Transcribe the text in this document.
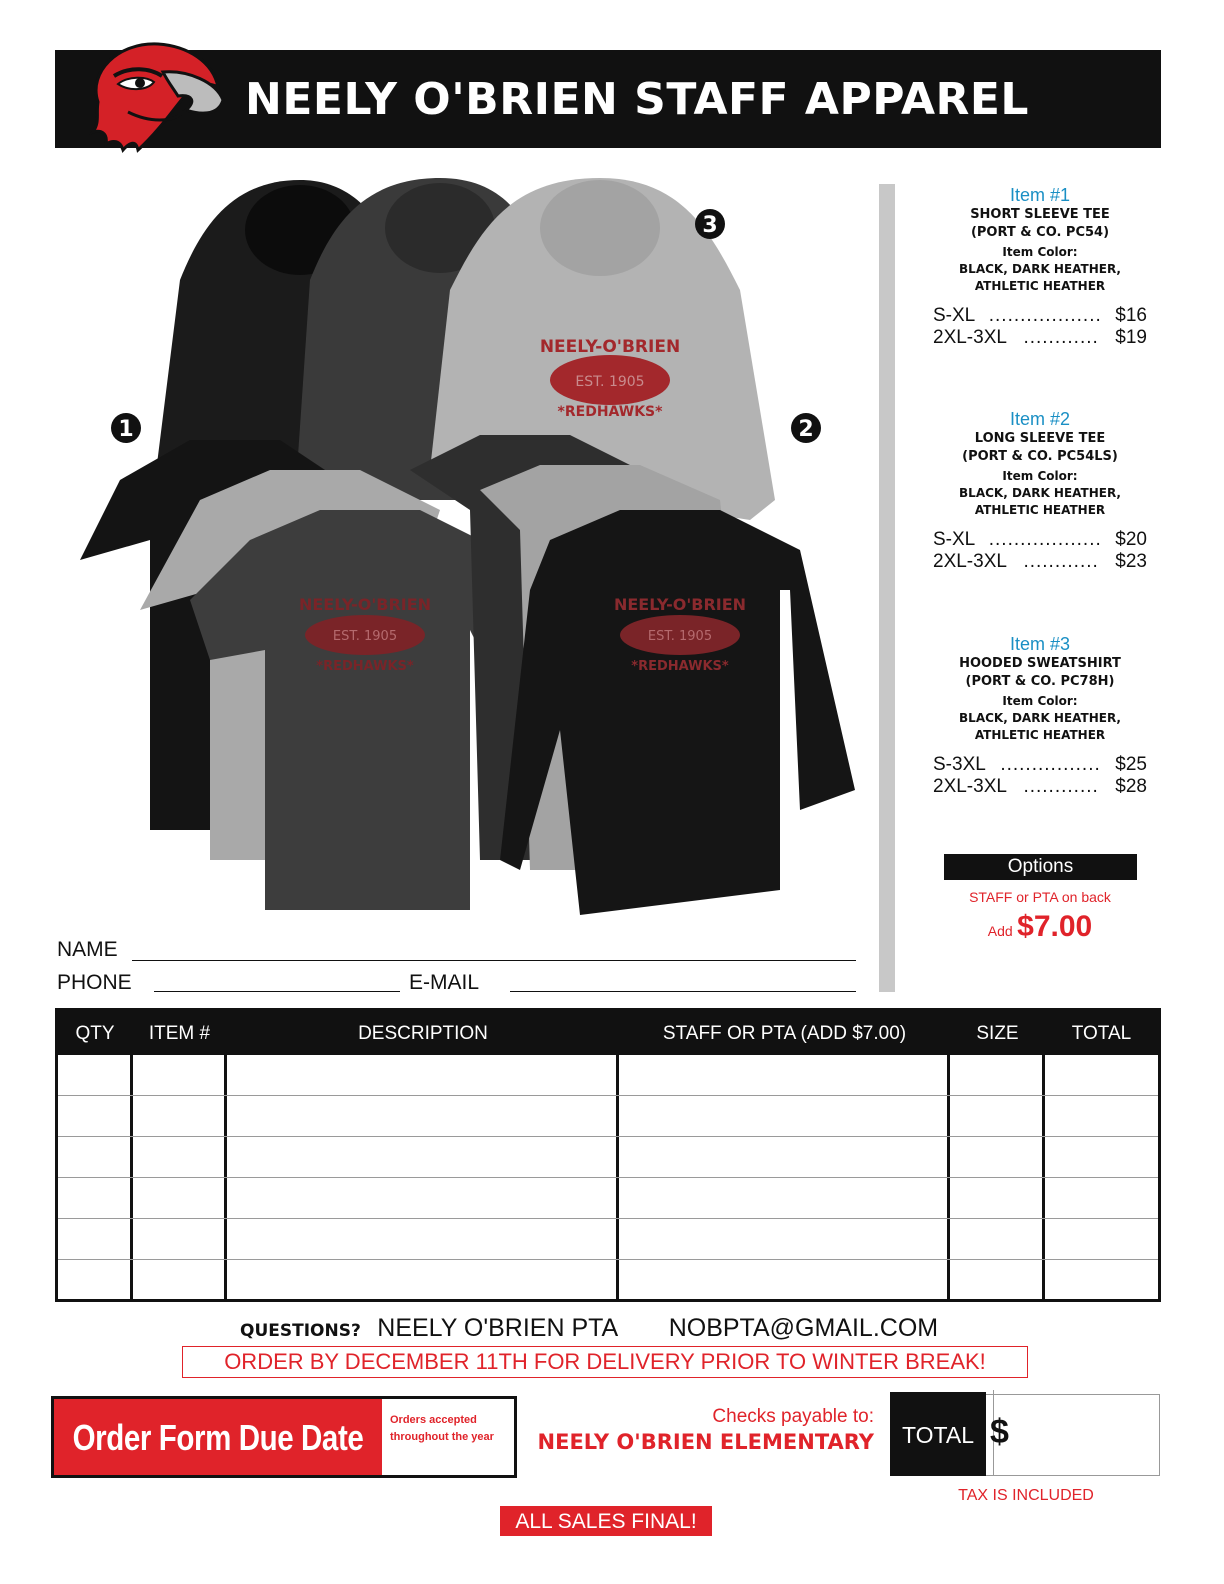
NEELY O'BRIEN STAFF APPAREL
EST. 1905
NEELY-O'BRIEN
*REDHAWKS*
NEELY-O'BRIEN
EST. 1905
*REDHAWKS*
NEELY-O'BRIEN
EST. 1905
*REDHAWKS*
1	2
3
Item #1
SHORT SLEEVE TEE
(PORT & CO. PC54)
Item Color:
BLACK, DARK HEATHER,
ATHLETIC HEATHER
S-XL .................. $16
2XL-3XL ............ $19
Item #2
LONG SLEEVE TEE
(PORT & CO. PC54LS)
Item Color:
BLACK, DARK HEATHER,
ATHLETIC HEATHER
S-XL .................. $20
2XL-3XL ............ $23
Item #3
HOODED SWEATSHIRT
(PORT & CO. PC78H)
Item Color:
BLACK, DARK HEATHER,
ATHLETIC HEATHER
S-3XL ................ $25
2XL-3XL ............ $28
Options
STAFF or PTA on back
Add $7.00
NAME
PHONE	E-MAIL
QTY	ITEM #	DESCRIPTION	STAFF OR PTA (ADD $7.00)	SIZE	TOTAL
QUESTIONS? NEELY O'BRIEN PTA NOBPTA@GMAIL.COM
ORDER BY DECEMBER 11TH FOR DELIVERY PRIOR TO WINTER BREAK!
Order Form Due Date	Orders accepted throughout the year
Checks payable to:
NEELY O'BRIEN ELEMENTARY	TOTAL $
TAX IS INCLUDED
ALL SALES FINAL!
